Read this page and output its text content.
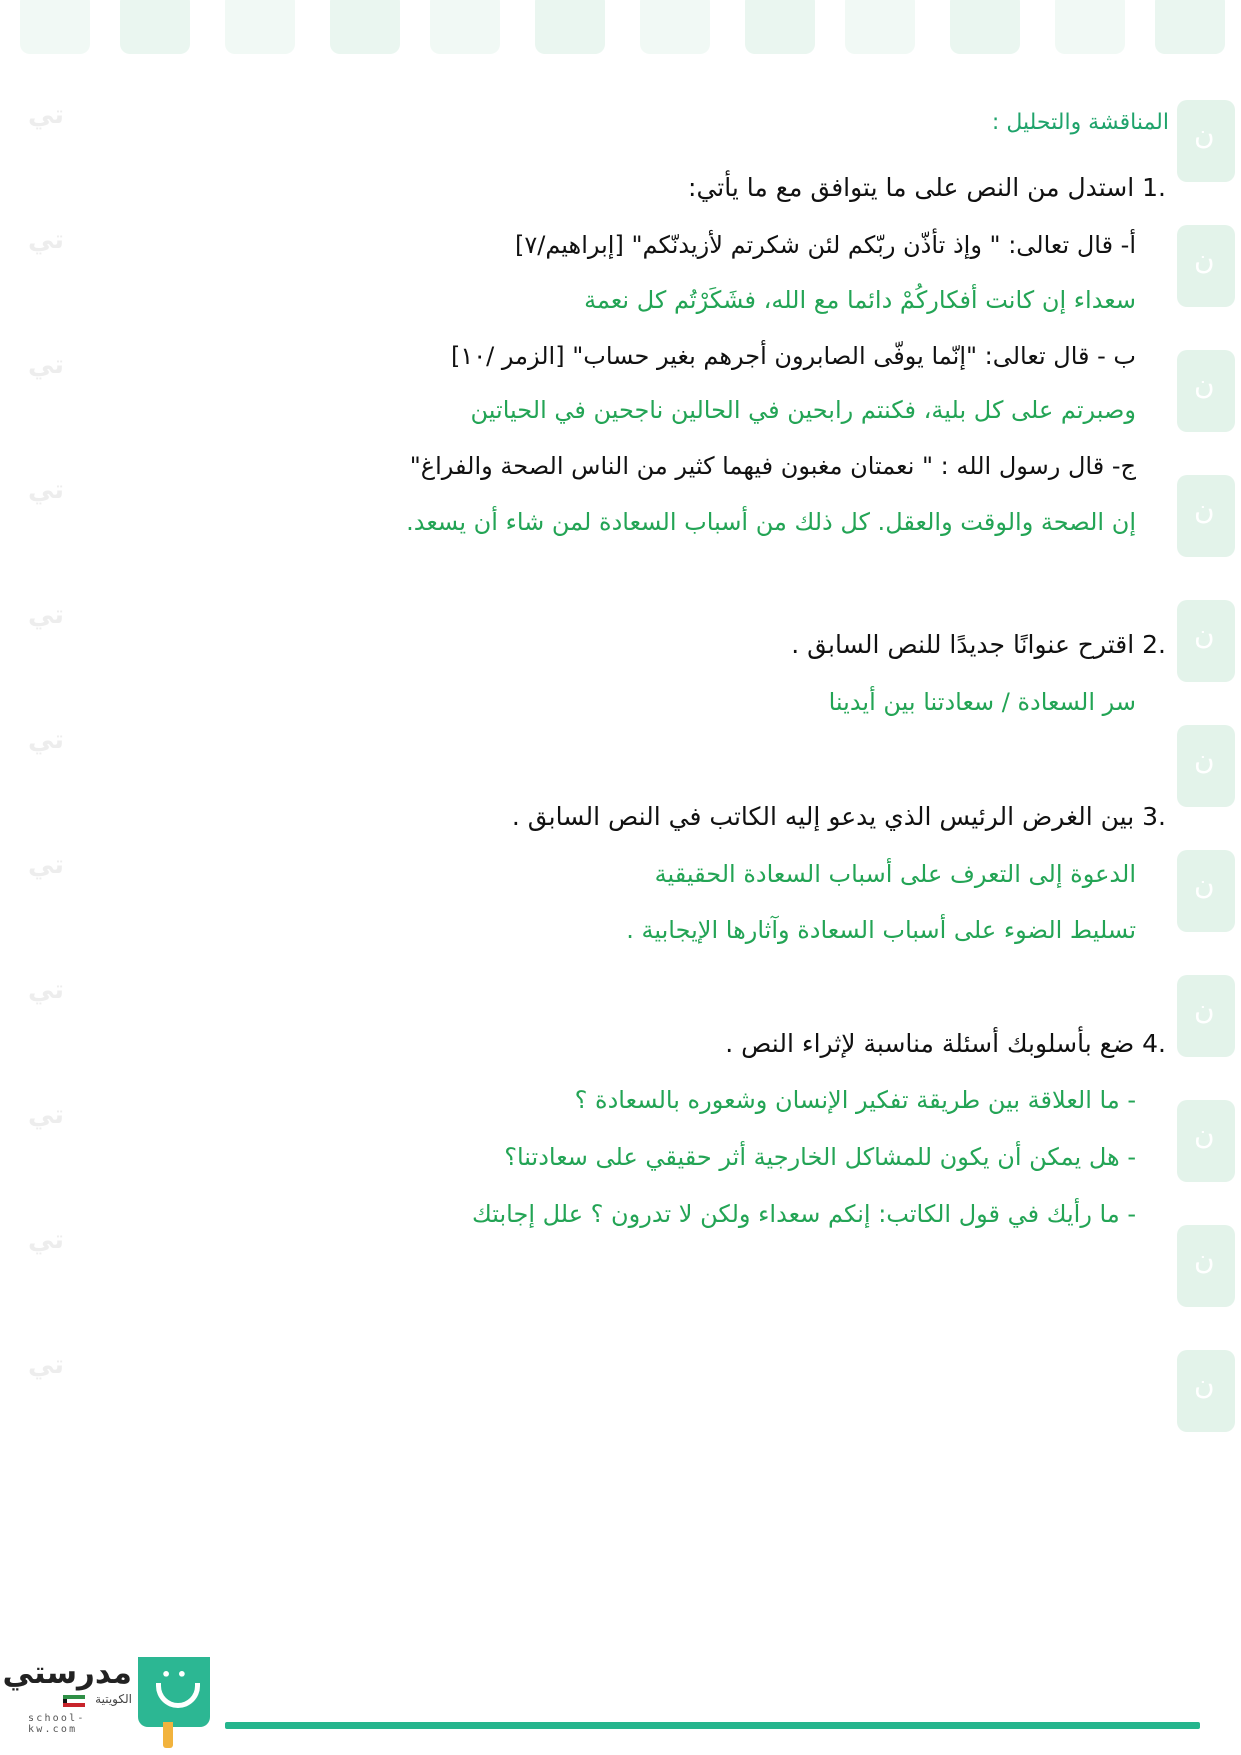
ن
ن
ن
ن
ن
ن
ن
ن
ن
ن
ن
تي
تي
تي
تي
تي
تي
تي
تي
تي
تي
تي
المناقشة والتحليل :
1. استدل من النص على ما يتوافق مع ما يأتي:
أ- قال تعالى: " وإذ تأذّن ربّكم لئن شكرتم لأزيدنّكم" [إبراهيم/٧]
سعداء إن كانت أفكاركُمْ دائما مع الله، فشَكَرْتُم كل نعمة
ب - قال تعالى: "إنّما يوفّى الصابرون أجرهم بغير حساب" [الزمر /١٠]
وصبرتم على كل بلية، فكنتم رابحين في الحالين ناجحين في الحياتين
ج- قال رسول الله : " نعمتان مغبون فيهما كثير من الناس الصحة والفراغ"
إن الصحة والوقت والعقل. كل ذلك من أسباب السعادة لمن شاء أن يسعد.
2. اقترح عنوانًا جديدًا للنص السابق .
سر السعادة / سعادتنا بين أيدينا
3. بين الغرض الرئيس الذي يدعو إليه الكاتب في النص السابق .
الدعوة إلى التعرف على أسباب السعادة الحقيقية
تسليط الضوء على أسباب السعادة وآثارها الإيجابية .
4. ضع بأسلوبك أسئلة مناسبة لإثراء النص .
- ما العلاقة بين طريقة تفكير الإنسان وشعوره بالسعادة ؟
- هل يمكن أن يكون للمشاكل الخارجية أثر حقيقي على سعادتنا؟
- ما رأيك في قول الكاتب: إنكم سعداء ولكن لا تدرون ؟ علل إجابتك
• •
مدرستي
الكويتية
school-kw.com
